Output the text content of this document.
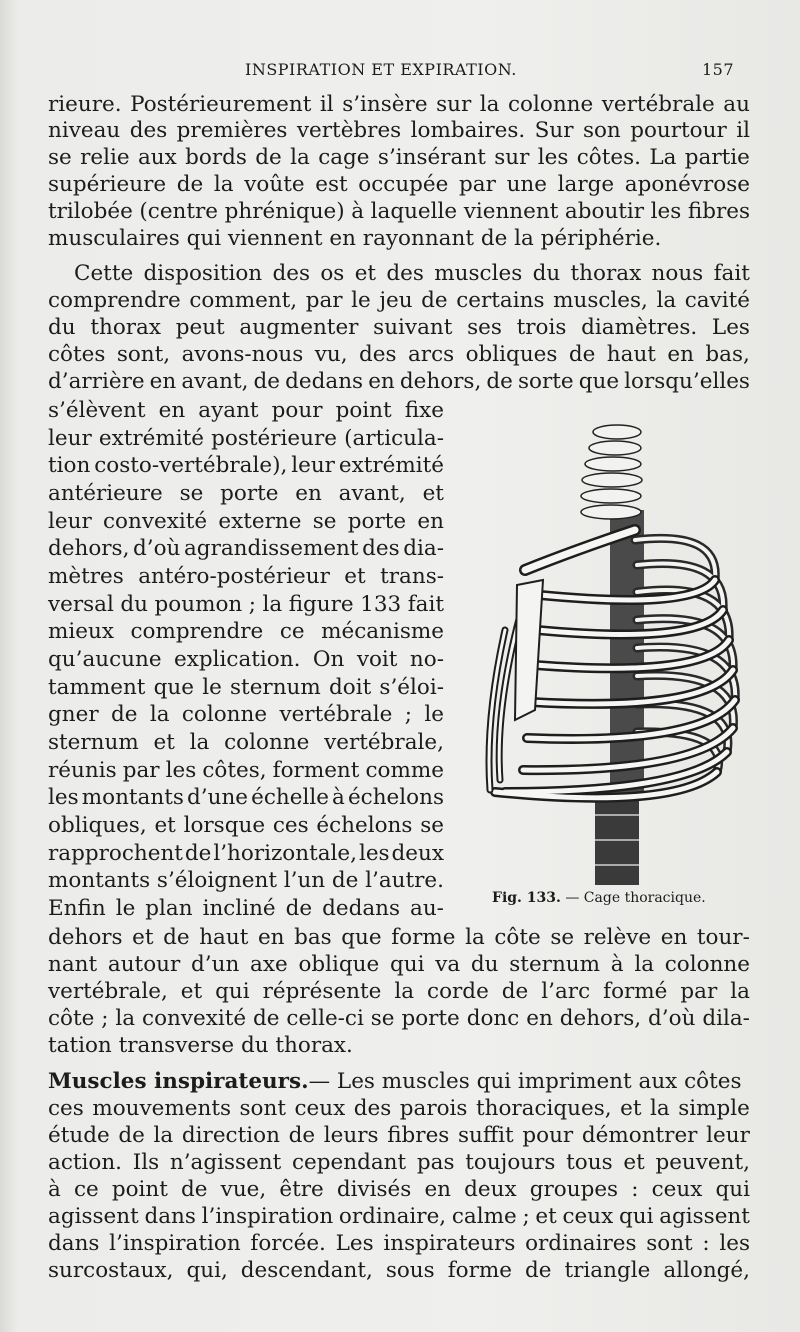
INSPIRATION ET EXPIRATION.	157
rieure. Postérieurement il s’insère sur la colonne vertébrale au
niveau des premières vertèbres lombaires. Sur son pourtour il
se relie aux bords de la cage s’insérant sur les côtes. La partie
supérieure de la voûte est occupée par une large aponévrose
trilobée (centre phrénique) à laquelle viennent aboutir les fibres
musculaires qui viennent en rayonnant de la périphérie.
Cette disposition des os et des muscles du thorax nous fait
comprendre comment, par le jeu de certains muscles, la cavité
du thorax peut augmenter suivant ses trois diamètres. Les
côtes sont, avons-nous vu, des arcs obliques de haut en bas,
d’arrière en avant, de dedans en dehors, de sorte que lorsqu’elles
s’élèvent en ayant pour point fixe
leur extrémité postérieure (articula-
tion costo-vertébrale), leur extrémité
antérieure se porte en avant, et
leur convexité externe se porte en
dehors, d’où agrandissement des dia-
mètres antéro-postérieur et trans-
versal du poumon ; la figure 133 fait
mieux comprendre ce mécanisme
qu’aucune explication. On voit no-
tamment que le sternum doit s’éloi-
gner de la colonne vertébrale ; le
sternum et la colonne vertébrale,
réunis par les côtes, forment comme
les montants d’une échelle à échelons
obliques, et lorsque ces échelons se
rapprochent de l’horizontale, les deux
montants s’éloignent l’un de l’autre.
Enfin le plan incliné de dedans au-
dehors et de haut en bas que forme la côte se relève en tour-
nant autour d’un axe oblique qui va du sternum à la colonne
vertébrale, et qui réprésente la corde de l’arc formé par la
côte ; la convexité de celle-ci se porte donc en dehors, d’où dila-
tation transverse du thorax.
Muscles inspirateurs. — Les muscles qui impriment aux côtes
ces mouvements sont ceux des parois thoraciques, et la simple
étude de la direction de leurs fibres suffit pour démontrer leur
action. Ils n’agissent cependant pas toujours tous et peuvent,
à ce point de vue, être divisés en deux groupes : ceux qui
agissent dans l’inspiration ordinaire, calme ; et ceux qui agissent
dans l’inspiration forcée. Les inspirateurs ordinaires sont : les
surcostaux, qui, descendant, sous forme de triangle allongé,
Fig. 133. — Cage thoracique.
